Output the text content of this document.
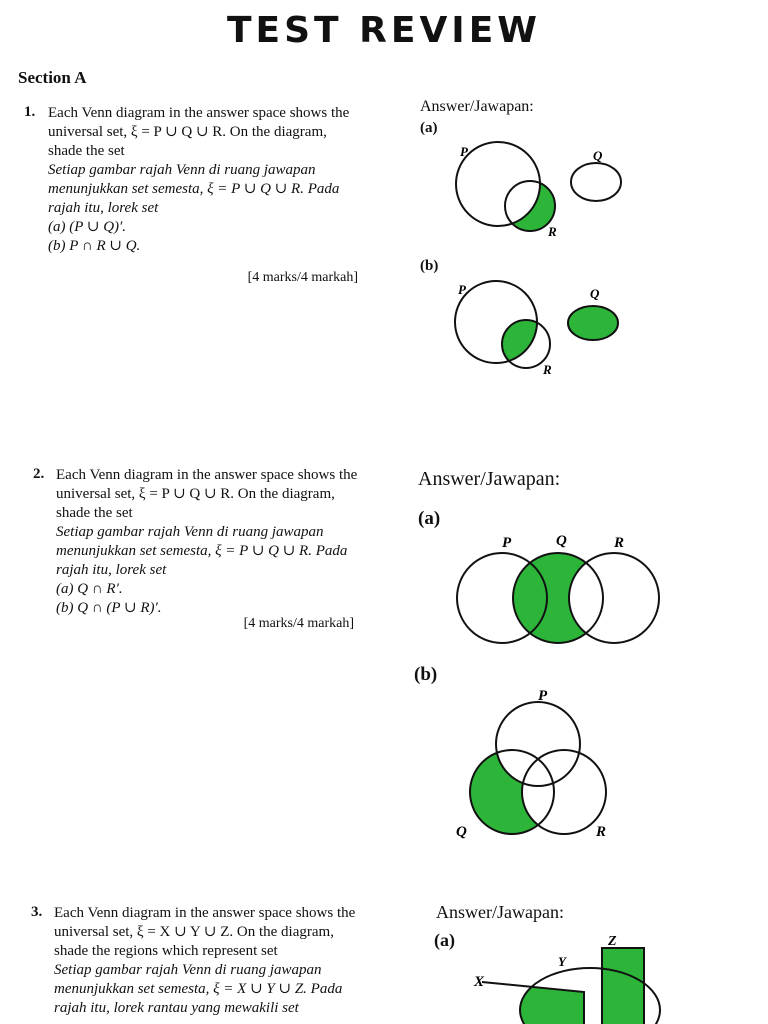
TEST REVIEW
Section A
1. Each Venn diagram in the answer space shows the universal set, ξ = P ∪ Q ∪ R. On the diagram, shade the set

Setiap gambar rajah Venn di ruang jawapan menunjukkan set semesta, ξ = P ∪ Q ∪ R. Pada rajah itu, lorek set

(a) (P ∪ Q)′.

(b) P ∩ R ∪ Q.

[4 marks/4 markah]
Answer/Jawapan:
(a)
P	Q
R
(b)
P	Q
R
2. Each Venn diagram in the answer space shows the universal set, ξ = P ∪ Q ∪ R. On the diagram, shade the set

Setiap gambar rajah Venn di ruang jawapan menunjukkan set semesta, ξ = P ∪ Q ∪ R. Pada rajah itu, lorek set

(a) Q ∩ R′.

(b) Q ∩ (P ∪ R)′.

[4 marks/4 markah]
Answer/Jawapan:
(a)
P	Q	R
(b)
P
Q	R
3. Each Venn diagram in the answer space shows the universal set, ξ = X ∪ Y ∪ Z. On the diagram, shade the regions which represent set

Setiap gambar rajah Venn di ruang jawapan menunjukkan set semesta, ξ = X ∪ Y ∪ Z. Pada rajah itu, lorek rantau yang mewakili set

Answer/Jawapan:
(a)
X
Y
Z
